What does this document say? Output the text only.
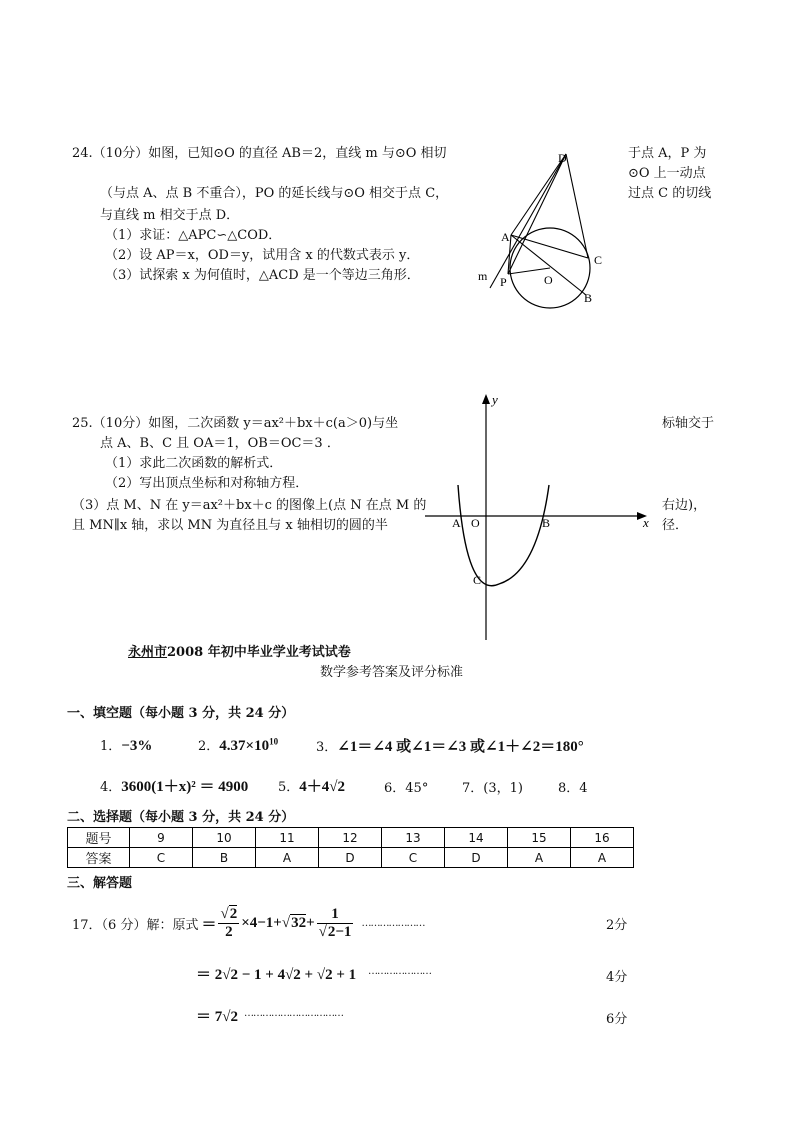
24.（10分）如图，已知⊙O 的直径 AB＝2，直线 m 与⊙O 相切	于点 A，P 为
⊙O 上一动点
过点 C 的切线
（与点 A、点 B 不重合），PO 的延长线与⊙O 相交于点 C，
与直线 m 相交于点 D．
（1）求证：△APC∽△COD．
（2）设 AP＝x，OD＝y，试用含 x 的代数式表示 y．
（3）试探索 x 为何值时，△ACD 是一个等边三角形．
D
A
C
O
P
B
m
25.（10分）如图，二次函数 y＝ax²＋bx＋c(a＞0)与坐	标轴交于
点 A、B、C 且 OA＝1，OB＝OC＝3 ．
（1）求此二次函数的解析式．
（2）写出顶点坐标和对称轴方程．
（3）点 M、N 在 y＝ax²＋bx＋c 的图像上(点 N 在点 M 的	右边)，
且 MN∥x 轴，求以 MN 为直径且与 x 轴相切的圆的半	径．
y
x
A O	B
C
永州市2008 年初中毕业学业考试试卷
数学参考答案及评分标准
一、填空题（每小题 3 分，共 24 分）
1．−3%	2．$4.37\times 10^{10}$	3．∠1＝∠4 或∠1＝∠3 或∠1＋∠2＝180°
4．3600(1＋x)² ＝ 4900 5．4＋4√2	6．45°	7．(3，1)	8．4
二、选择题（每小题 3 分，共 24 分）
题号	9	10	11	12	13	14	15	16
答案	C	B	A	D	C	D	A	A
三、解答题
17．（6 分）解：原式 ＝ $\frac{√2}{2} \times 4-1+√32+ \frac{1}{√2-1}$ …………………	2分
＝ 2√2 − 1 + 4√2 + √2 + 1 …………………	4分
＝ 7√2 ……………………………	6分
